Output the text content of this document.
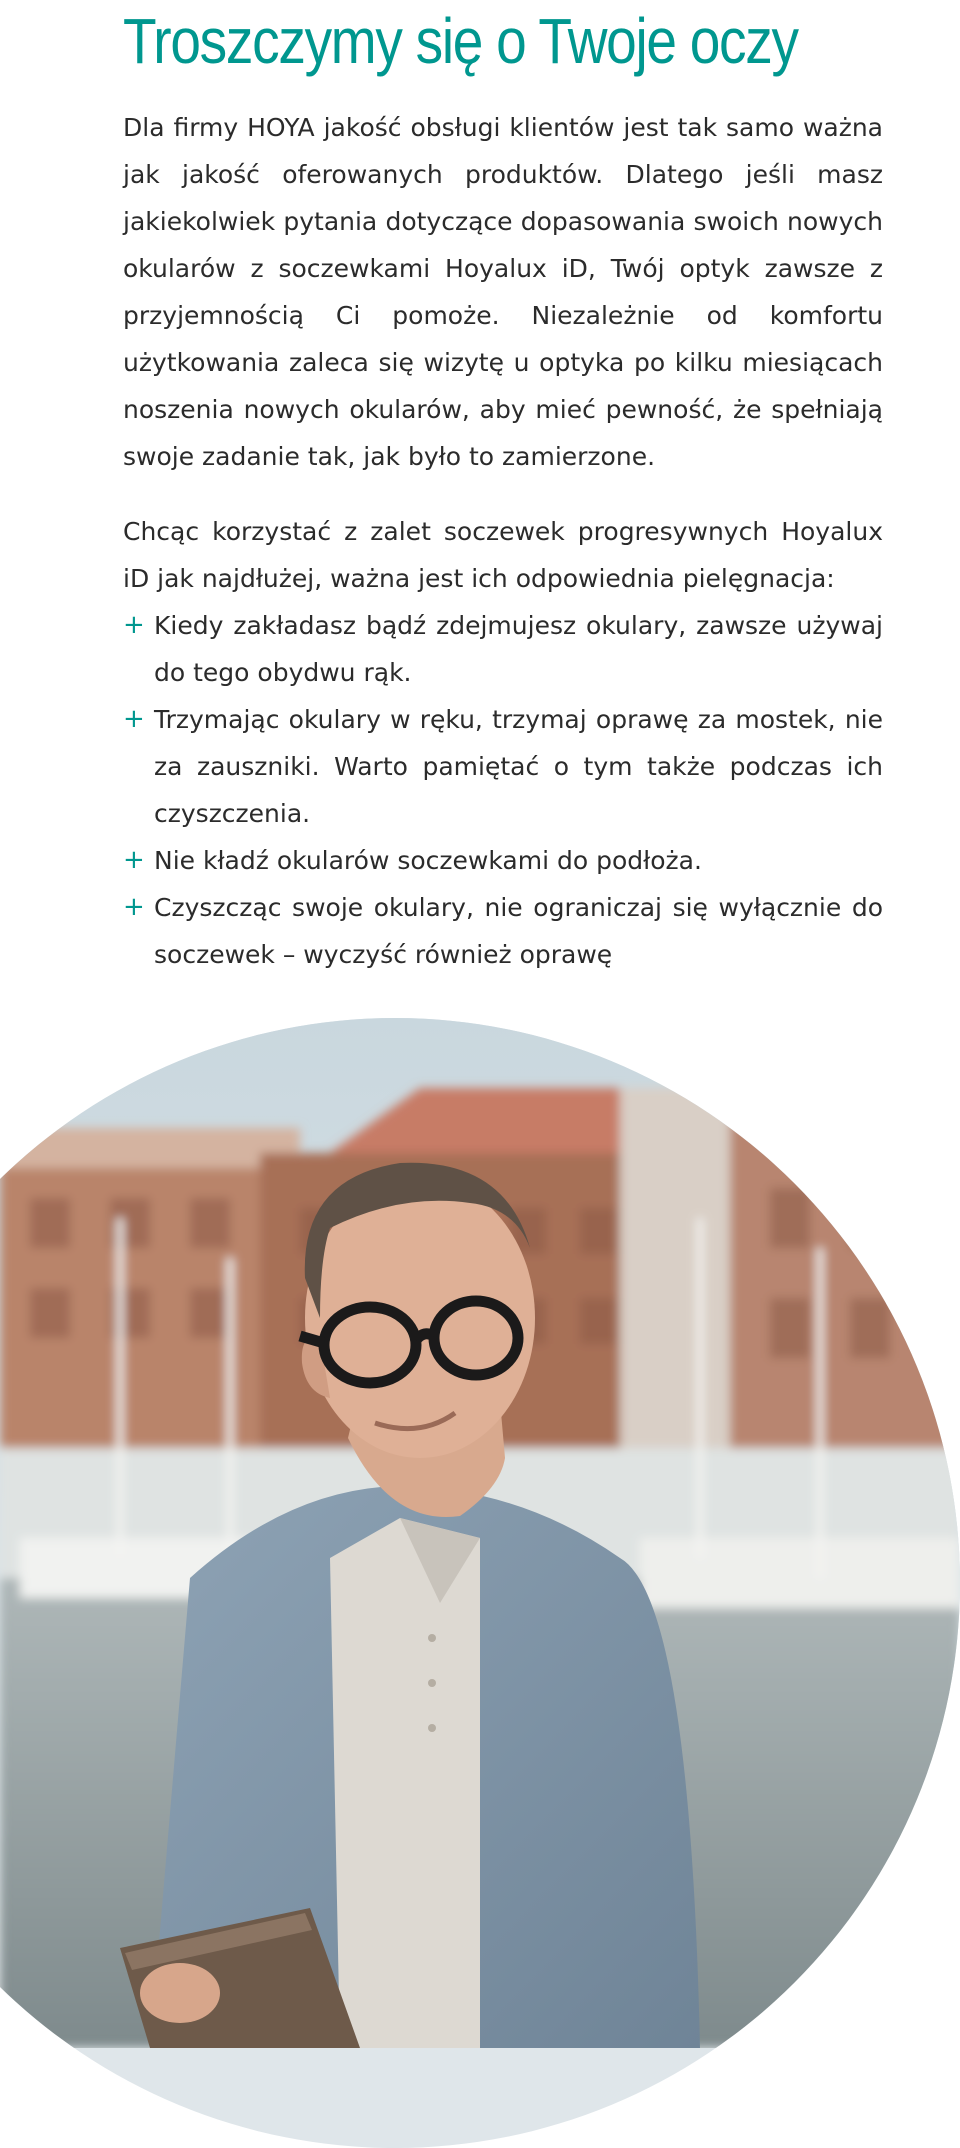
Troszczymy się o Twoje oczy

Dla firmy HOYA jakość obsługi klientów jest tak samo ważna jak jakość oferowanych produktów. Dlatego jeśli masz jakiekolwiek pytania dotyczące dopasowania swoich nowych okularów z soczewkami Hoyalux iD, Twój optyk zawsze z przyjemnością Ci pomoże. Niezależnie od komfortu użytkowania zaleca się wizytę u optyka po kilku miesiącach noszenia nowych okularów, aby mieć pewność, że spełniają swoje zadanie tak, jak było to zamierzone.

Chcąc korzystać z zalet soczewek progresywnych Hoyalux iD jak najdłużej, ważna jest ich odpowiednia pielęgnacja:

+ Kiedy zakładasz bądź zdejmujesz okulary, zawsze używaj do tego obydwu rąk.
+ Trzymając okulary w ręku, trzymaj oprawę za mostek, nie za zauszniki. Warto pamiętać o tym także podczas ich czyszczenia.
+ Nie kładź okularów soczewkami do podłoża.
+ Czyszcząc swoje okulary, nie ograniczaj się wyłącznie do soczewek – wyczyść również oprawę
